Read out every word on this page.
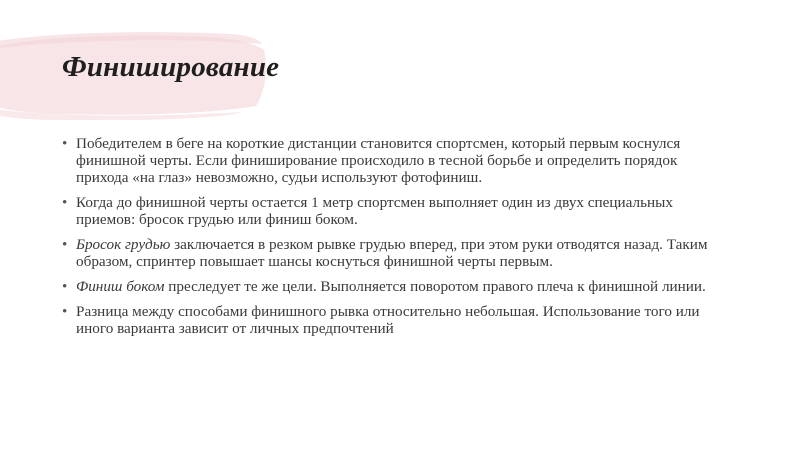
Финиширование
• Победителем в беге на короткие дистанции становится спортсмен, который первым коснулся финишной черты. Если финиширование происходило в тесной борьбе и определить порядок прихода «на глаз» невозможно, судьи используют фотофиниш.
• Когда до финишной черты остается 1 метр спортсмен выполняет один из двух специальных приемов: бросок грудью или финиш боком.
• Бросок грудью заключается в резком рывке грудью вперед, при этом руки отводятся назад. Таким образом, спринтер повышает шансы коснуться финишной черты первым.
• Финиш боком преследует те же цели. Выполняется поворотом правого плеча к финишной линии.
• Разница между способами финишного рывка относительно небольшая. Использование того или иного варианта зависит от личных предпочтений
